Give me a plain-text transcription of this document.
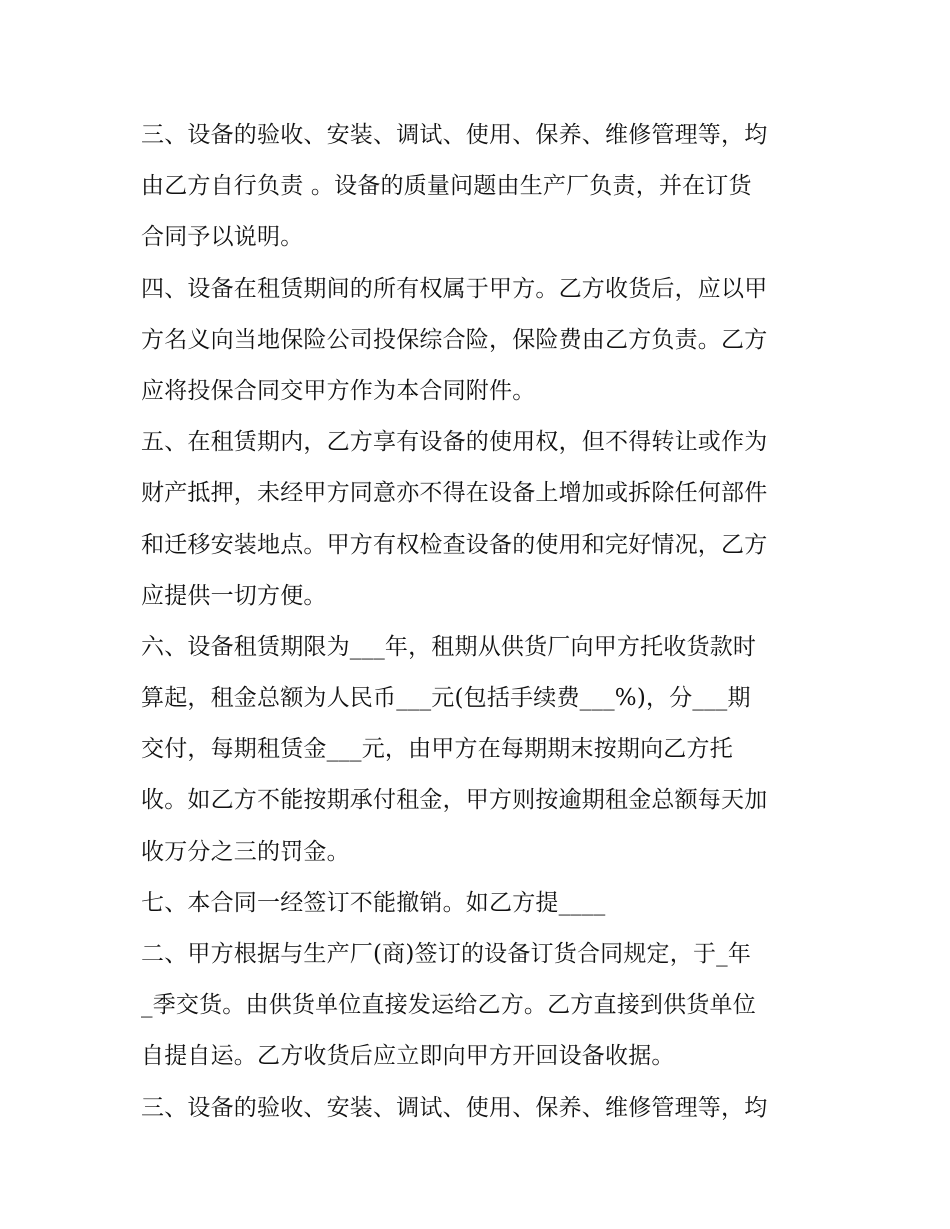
三、设备的验收、安装、调试、使用、保养、维修管理等，均
由乙方自行负责 。设备的质量问题由生产厂负责，并在订货
合同予以说明。
四、设备在租赁期间的所有权属于甲方。乙方收货后，应以甲
方名义向当地保险公司投保综合险，保险费由乙方负责。乙方
应将投保合同交甲方作为本合同附件。
五、在租赁期内，乙方享有设备的使用权，但不得转让或作为
财产抵押，未经甲方同意亦不得在设备上增加或拆除任何部件
和迁移安装地点。甲方有权检查设备的使用和完好情况，乙方
应提供一切方便。
六、设备租赁期限为___年，租期从供货厂向甲方托收货款时
算起，租金总额为人民币___元(包括手续费___%)，分___期
交付，每期租赁金___元，由甲方在每期期末按期向乙方托
收。如乙方不能按期承付租金，甲方则按逾期租金总额每天加
收万分之三的罚金。
七、本合同一经签订不能撤销。如乙方提____
二、甲方根据与生产厂(商)签订的设备订货合同规定，于_年
_季交货。由供货单位直接发运给乙方。乙方直接到供货单位
自提自运。乙方收货后应立即向甲方开回设备收据。
三、设备的验收、安装、调试、使用、保养、维修管理等，均
